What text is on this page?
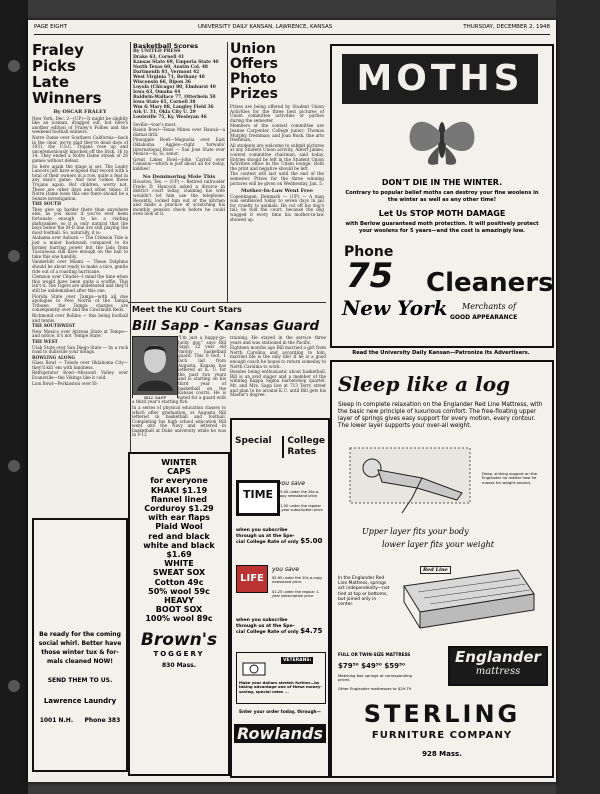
PAGE EIGHT	UNIVERSITY DAILY KANSAN, LAWRENCE, KANSAS	THURSDAY, DECEMBER 2, 1948
Fraley Picks
Late Winners
By OSCAR FRALEY

New York, Dec. 2—(UP)—It might be slightly like an iceman, dragged out, but here's another edition of Fraley's Follies and the weekend football winners.

Notre Dame over Southern California—back in the clear, we're glad they're dead days of 1931, the U.S.C. Trojans rose up and unceremoniously knocked off the Irish, 16 to 14. They ended a Notre Dame streak of 26 games without defeat.

So here again the stage is set. The Leahy Lancers just have eclipsed that record with a total of their owners in a row, quite a feat in any man's game. And now comes those Trojans again. But children, worry not. These are other days and other times. If Notre Dame loses this one there should be a Senate investigation.

THE SOUTH

They give up harder there than anywhere else, as you know if you've ever been fortunate enough to be a visiting darkyankee, so it is only natural that the boys below the M-D line are still playing the most football. So, naturally, it is:

Alabama over Auburn — The Crimson Tide is just a minor backwash compared to its former hurring power but the lads from Tuscaloosa still have enough on the ball to take this one handily.

Vanderbilt over Miami — These Dolphins should be about ready to make a nice, gentle ride out of a roasting hurricane.

Clemson over Citadel—I mind the time when this would have been quite a scuffle. This isn't it. The Tigers are undefeated and they'll still be unblemished after this one.

Florida State over Tampa—with all due apologies to Pete Norris of the Tampa Tribune, the Tampa charges are consequently over and the Cincinnati Reds.

Richmond over Rollins — this being football and tennis.

THE SOUTHWEST

New Mexico over Arizona State at Tempe—and notice, it's not 'Tempe State.'

THE WEST

Utah State over San Diego State — by a rock road to dullsville your doings.

BOWLING ALONG

Glass Bowl — Toledo over Oklahoma City—they'll kill 'em with kindness.

Refrigerator Bowl—Missouri Valley over Evansville—the Vikings like it cold.

Lion Bowl—Perkinston over El-

Basketball Scores
By UNITED PRESS
Drake 63, Cornell 41
Kansas State 69, Emporia State 40
North Texas 60, Austin Col. 48
Dartmouth 81, Vermont 42
West Virginia 71, Bethany 48
Wisconsin 66, Ripon 36
Loyola (Chicago) 80, Elmhurst 40
Iowa 63, Omaha 44
Baldwin-Wallace 77, Otterbein 58
Iowa State 65, Cornell 38
Wm & Mary 88, Langley Field 36
Ark U. 31, Okla City U. 29
Louisville 75, Ky. Wesleyan 46

Seville—tour's most.

Raisin Bowl—Texas Mines over Hawaii—a dismal drill.

Pineapple Bowl—Magnolia over East Oklahoma Aggies—right 'torwalls' International Bowl — San Jose State over Mexico—Si, Si, senor.

Great Lakes Bowl—John Carroll over Canisius—which is just about all for today, kiddies!

No Dominoring Mole This

Houston, Tex. — (UP) — Retired railroader Fredo D. Hancock asked a divorce in district court today, claiming his wife wouldn't let him use the telephone. Recently, locked him out of the kitchen and made a practice of scratching his monthly pension check before he could even look at it.

Union Offers
Photo Prizes

Prizes are being offered by Student Union Activities for the three best pictures of Union committee activities or parties during the semester.

Members of the contest committee are Jeanne Carpenter, College junior; Thomas Murphy, freshman; and Joan Bush, fine arts freshman.

All students are welcome to submit pictures at any Student Union activity, Albert James, contest committee chairman, said today. Entries should be left in the Student Union Activities office in the Union lounge. Both the print and negative should be left.

The contest will last until the end of the semester. Prizes for the three winning pictures will be given on Wednesday, Jan. 5.

Mother-In-Law Went Free

Copenhagen, Denmark — (UP) — A man was sentenced today to seven days in jail for cruelty to animals. He cut off his dog's tail, he told the court, because the dog wagged it every time his mother-in-law showed up.

MOTHS
DON'T DIE IN THE WINTER.
Contrary to popular belief moths can destroy your fine woolens in the winter as well as any other time!
Let Us STOP MOTH DAMAGE
with Berlow guaranteed moth protection. It will positively protect your woolens for 5 years—and the cost is amazingly low.
Phone
75
New York
Cleaners
Merchants of
GOOD APPEARANCE
Read the University Daily Kansan—Patronize Its Advertisers.
Meet the KU Court Stars
Bill Sapp - Kansas Guard
BILL SAPP

"I'm just a happy-go-lucky guy," says Bill Sapp, 22 year old Varsity basketball guard. This 6 foot, 1 inch lad from Augusta, Kansas has lettered at K. U. for the past two years and is starting on his third year of basketball on the Kansas courts. He is noted for a guard with a third year's starting five.

In a series of physical education classes to which after graduation, at Augusta Bill lettered in basketball and football. Completing his high school education Bill went into the Navy and lettered in basketball at Duke university while he was in V-12

training. He stayed in the service three years and was stationed in the Pacific.

Eighteen months ago Bill married a girl from North Carolina and according to him, married life is the only life! If he is a good enough coach he hopes to return someday to North Carolina to work.

Besides being enthusiastic about basketball, Bill is an avid singer and a member of the winning Kappa Sigma barbershop quartet. Mr. and Mrs. Sapp live at 713 Terry street and plan to be around K.U. until Bill gets his Master's degree.

Be ready for the coming
social whirl. Better have
those winter tux & for-
mals cleaned NOW!
SEND THEM TO US.
Lawrence Laundry
1001 N.H. Phone 383
WINTER
CAPS
for everyone
KHAKI $1.19
flannel lined
Corduroy $1.29
with ear flaps
Plaid Wool
red and black
white and black
$1.69
WHITE
SWEAT SOX
Cotton 49c
50% wool 59c
HEAVY
BOOT SOX
100% wool 89c
Brown's
TOGGERY
830 Mass.
Special College
Rates
TIME
you save
$5.00 under the 26c-a-copy newsstand price
$1.50 under the regular 1-year subscription price
when you subscribe
through us at the Spe-
cial College Rate of only $5.00
LIFE
you save
$5.65 under the 20c-a-copy newsstand price
$1.25 under the regular 1-year subscription price
when you subscribe
through us at the Spe-
cial College Rate of only $4.75
VETERANS:
Make your dollars stretch further—by taking advantage one of these money-saving, special rates ...
Enter your order today, through—
Rowlands
Sleep like a log
Sleep in complete relaxation on the Englander Red Line Mattress, with the basic new principle of luxurious comfort. The free-floating upper layer of springs gives easy support for every motion, every contour. The lower layer supports your over-all weight.
Deep, sinking support on the Englander no matter how he moves his weight around.
Upper layer fits your body
lower layer fits your weight
In the Englander Red Line Mattress, springs act independently—not tied at top or bottoms, but joined only in center.
Red Line
FULL OR TWIN-SIZE MATTRESS
$79⁵⁰ $49⁵⁰ $59⁵⁰
Matching box springs at corresponding prices
Other Englander mattresses to $29.79
Englander
mattress
STERLING
FURNITURE COMPANY
928 Mass.
